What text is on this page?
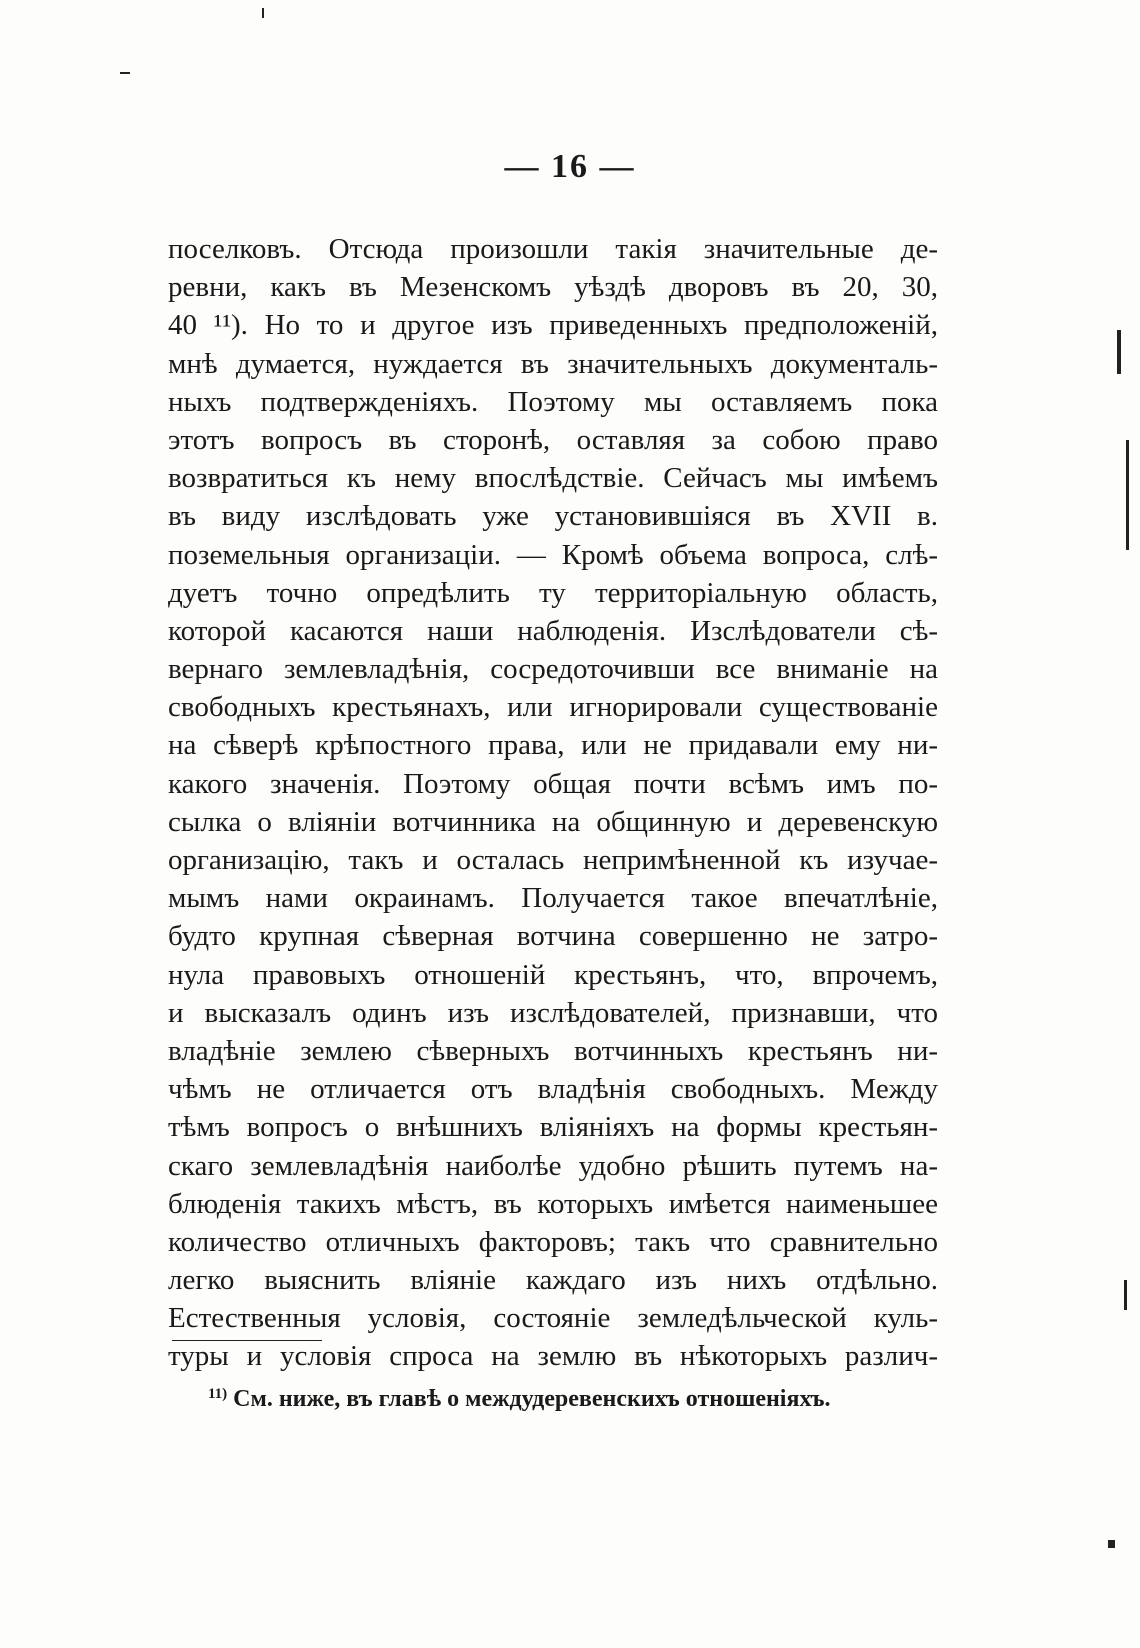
— 16 —
поселковъ. Отсюда произошли такія значительные де-
ревни, какъ въ Мезенскомъ уѣздѣ дворовъ въ 20, 30,
40 ¹¹). Но то и другое изъ приведенныхъ предположеній,
мнѣ думается, нуждается въ значительныхъ документаль-
ныхъ подтвержденіяхъ. Поэтому мы оставляемъ пока
этотъ вопросъ въ сторонѣ, оставляя за собою право
возвратиться къ нему впослѣдствіе. Сейчасъ мы имѣемъ
въ виду изслѣдовать уже установившіяся въ XVII в.
поземельныя организаціи. — Кромѣ объема вопроса, слѣ-
дуетъ точно опредѣлить ту территоріальную область,
которой касаются наши наблюденія. Изслѣдователи сѣ-
вернаго землевладѣнія, сосредоточивши все вниманіе на
свободныхъ крестьянахъ, или игнорировали существованіе
на сѣверѣ крѣпостного права, или не придавали ему ни-
какого значенія. Поэтому общая почти всѣмъ имъ по-
сылка о вліяніи вотчинника на общинную и деревенскую
организацію, такъ и осталась непримѣненной къ изучае-
мымъ нами окраинамъ. Получается такое впечатлѣніе,
будто крупная сѣверная вотчина совершенно не затро-
нула правовыхъ отношеній крестьянъ, что, впрочемъ,
и высказалъ одинъ изъ изслѣдователей, признавши, что
владѣніе землею сѣверныхъ вотчинныхъ крестьянъ ни-
чѣмъ не отличается отъ владѣнія свободныхъ. Между
тѣмъ вопросъ о внѣшнихъ вліяніяхъ на формы крестьян-
скаго землевладѣнія наиболѣе удобно рѣшить путемъ на-
блюденія такихъ мѣстъ, въ которыхъ имѣется наименьшее
количество отличныхъ факторовъ; такъ что сравнительно
легко выяснить вліяніе каждаго изъ нихъ отдѣльно.
Естественныя условія, состояніе земледѣльческой куль-
туры и условія спроса на землю въ нѣкоторыхъ различ-
$^{11)}$ См. ниже, въ главѣ о междудеревенскихъ отношеніяхъ.
